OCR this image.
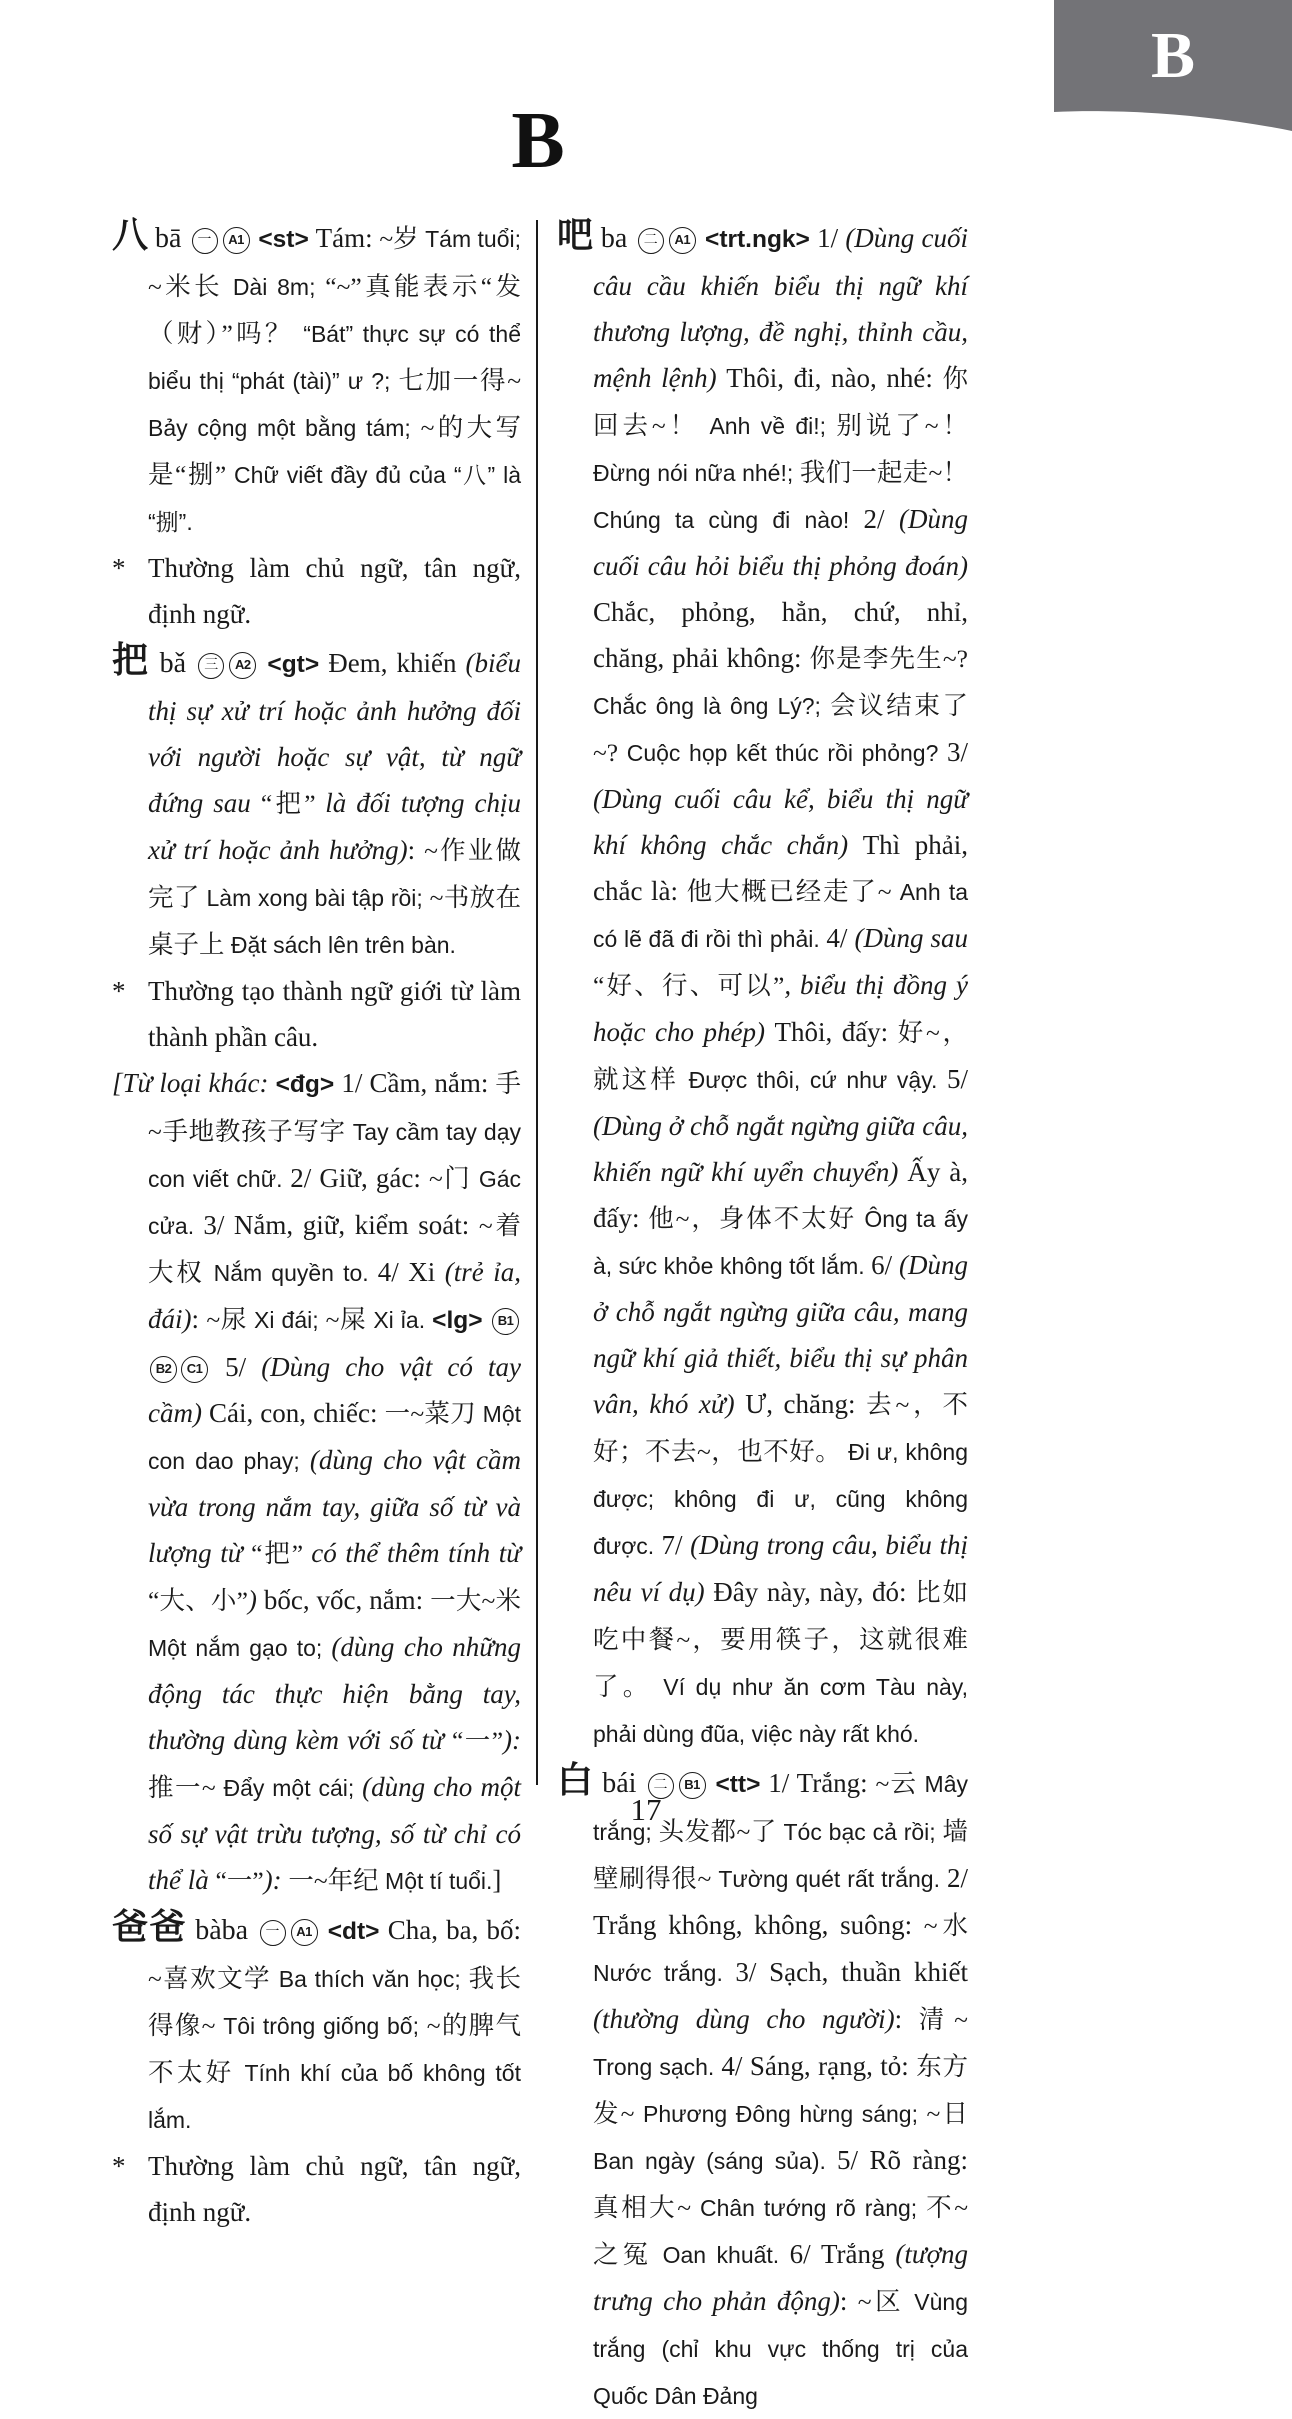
B
B
八 bā 一 A1 <st> Tám: ~岁 Tám tuổi; ~米长 Dài 8m; “~”真能表示“发（财）”吗？ “Bát” thực sự có thể biểu thị “phát (tài)” ư ?; 七加一得~ Bảy cộng một bằng tám; ~的大写是“捌” Chữ viết đầy đủ của “八” là “捌”.
* Thường làm chủ ngữ, tân ngữ, định ngữ.
把 bǎ 三 A2 <gt> Đem, khiến (biểu thị sự xử trí hoặc ảnh hưởng đối với người hoặc sự vật, từ ngữ đứng sau “把” là đối tượng chịu xử trí hoặc ảnh hưởng): ~作业做完了 Làm xong bài tập rồi; ~书放在桌子上 Đặt sách lên trên bàn.
* Thường tạo thành ngữ giới từ làm thành phần câu.
[Từ loại khác: <đg> 1/ Cầm, nắm: 手~手地教孩子写字 Tay cầm tay dạy con viết chữ. 2/ Giữ, gác: ~门 Gác cửa. 3/ Nắm, giữ, kiểm soát: ~着大权 Nắm quyền to. 4/ Xi (trẻ ỉa, đái): ~尿 Xi đái; ~屎 Xi ỉa. <lg> B1B2 C1 5/ (Dùng cho vật có tay cầm) Cái, con, chiếc: 一~菜刀 Một con dao phay; (dùng cho vật cầm vừa trong nắm tay, giữa số từ và lượng từ “把” có thể thêm tính từ “大、小”) bốc, vốc, nắm: 一大~米 Một nắm gạo to; (dùng cho những động tác thực hiện bằng tay, thường dùng kèm với số từ “一”): 推一~ Đẩy một cái; (dùng cho một số sự vật trừu tượng, số từ chỉ có thể là “一”): 一~年纪 Một tí tuổi.]
爸爸 bàba 一 A1 <dt> Cha, ba, bố: ~喜欢文学 Ba thích văn học; 我长得像~ Tôi trông giống bố; ~的脾气不太好 Tính khí của bố không tốt lắm.
* Thường làm chủ ngữ, tân ngữ, định ngữ.
吧 ba 二 A1 <trt.ngk> 1/ (Dùng cuối câu cầu khiến biểu thị ngữ khí thương lượng, đề nghị, thỉnh cầu, mệnh lệnh) Thôi, đi, nào, nhé: 你回去~！ Anh về đi!; 别说了~！ Đừng nói nữa nhé!; 我们一起走~！ Chúng ta cùng đi nào! 2/ (Dùng cuối câu hỏi biểu thị phỏng đoán) Chắc, phỏng, hẳn, chứ, nhỉ, chăng, phải không: 你是李先生~? Chắc ông là ông Lý?; 会议结束了~? Cuộc họp kết thúc rồi phỏng? 3/ (Dùng cuối câu kể, biểu thị ngữ khí không chắc chắn) Thì phải, chắc là: 他大概已经走了~ Anh ta có lẽ đã đi rồi thì phải. 4/ (Dùng sau “好、行、可以”, biểu thị đồng ý hoặc cho phép) Thôi, đấy: 好~，就这样 Được thôi, cứ như vậy. 5/ (Dùng ở chỗ ngắt ngừng giữa câu, khiến ngữ khí uyển chuyển) Ấy à, đấy: 他~，身体不太好 Ông ta ấy à, sức khỏe không tốt lắm. 6/ (Dùng ở chỗ ngắt ngừng giữa câu, mang ngữ khí giả thiết, biểu thị sự phân vân, khó xử) Ư, chăng: 去~，不好；不去~，也不好。 Đi ư, không được; không đi ư, cũng không được. 7/ (Dùng trong câu, biểu thị nêu ví dụ) Đây này, này, đó: 比如吃中餐~，要用筷子，这就很难了。 Ví dụ như ăn cơm Tàu này, phải dùng đũa, việc này rất khó.
白 bái 二 B1 <tt> 1/ Trắng: ~云 Mây trắng; 头发都~了 Tóc bạc cả rồi; 墙壁刷得很~ Tường quét rất trắng. 2/ Trắng không, không, suông: ~水 Nước trắng. 3/ Sạch, thuần khiết (thường dùng cho người): 清~ Trong sạch. 4/ Sáng, rạng, tỏ: 东方发~ Phương Đông hừng sáng; ~日 Ban ngày (sáng sủa). 5/ Rõ ràng: 真相大~ Chân tướng rõ ràng; 不~之冤 Oan khuất. 6/ Trắng (tượng trưng cho phản động): ~区 Vùng trắng (chỉ khu vực thống trị của Quốc Dân Đảng
17
